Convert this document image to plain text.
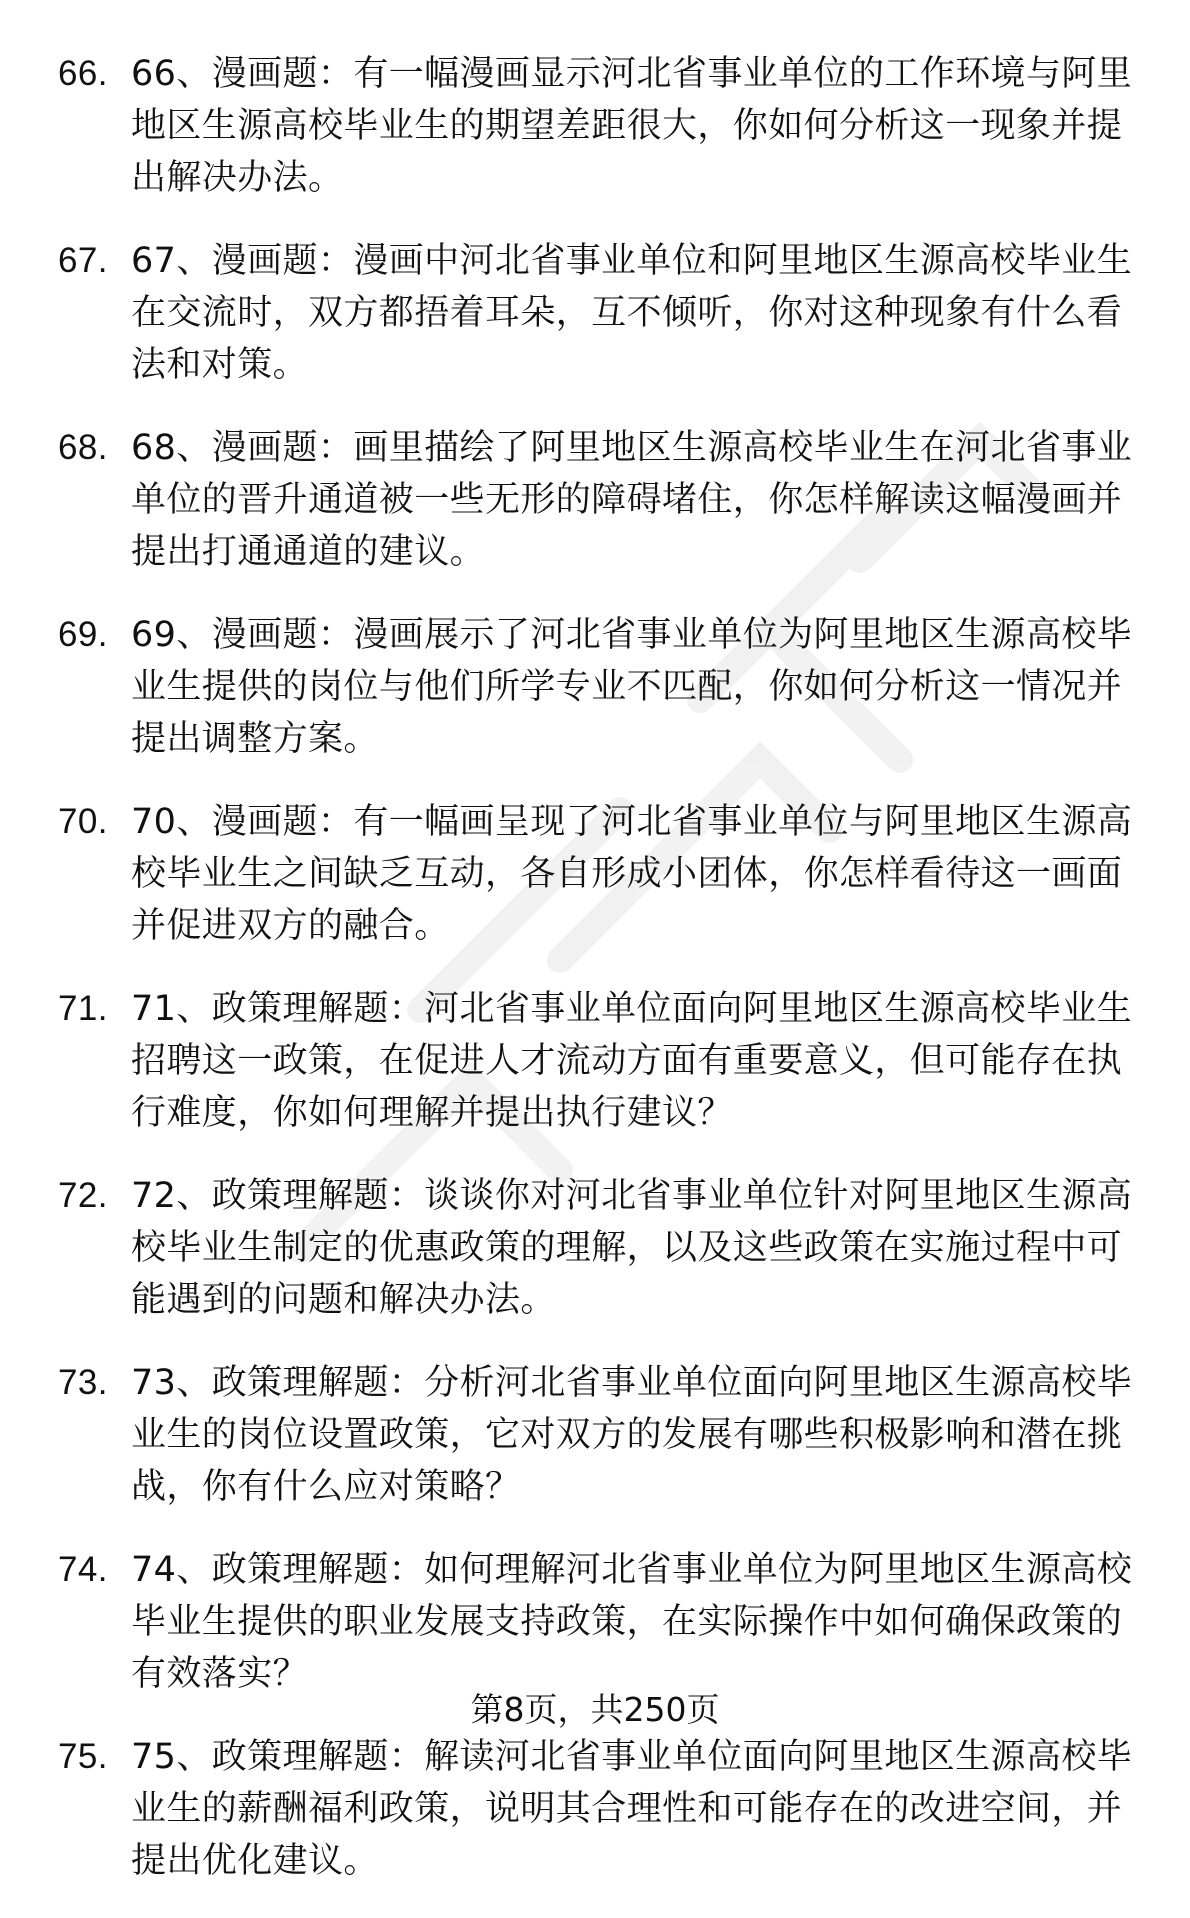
66. 66、漫画题：有一幅漫画显示河北省事业单位的工作环境与阿里地区生源高校毕业生的期望差距很大，你如何分析这一现象并提出解决办法。
67. 67、漫画题：漫画中河北省事业单位和阿里地区生源高校毕业生在交流时，双方都捂着耳朵，互不倾听，你对这种现象有什么看法和对策。
68. 68、漫画题：画里描绘了阿里地区生源高校毕业生在河北省事业单位的晋升通道被一些无形的障碍堵住，你怎样解读这幅漫画并提出打通通道的建议。
69. 69、漫画题：漫画展示了河北省事业单位为阿里地区生源高校毕业生提供的岗位与他们所学专业不匹配，你如何分析这一情况并提出调整方案。
70. 70、漫画题：有一幅画呈现了河北省事业单位与阿里地区生源高校毕业生之间缺乏互动，各自形成小团体，你怎样看待这一画面并促进双方的融合。
71. 71、政策理解题：河北省事业单位面向阿里地区生源高校毕业生招聘这一政策，在促进人才流动方面有重要意义，但可能存在执行难度，你如何理解并提出执行建议？
72. 72、政策理解题：谈谈你对河北省事业单位针对阿里地区生源高校毕业生制定的优惠政策的理解，以及这些政策在实施过程中可能遇到的问题和解决办法。
73. 73、政策理解题：分析河北省事业单位面向阿里地区生源高校毕业生的岗位设置政策，它对双方的发展有哪些积极影响和潜在挑战，你有什么应对策略？
74. 74、政策理解题：如何理解河北省事业单位为阿里地区生源高校毕业生提供的职业发展支持政策，在实际操作中如何确保政策的有效落实？
75. 75、政策理解题：解读河北省事业单位面向阿里地区生源高校毕业生的薪酬福利政策，说明其合理性和可能存在的改进空间，并提出优化建议。
第8页，共250页
